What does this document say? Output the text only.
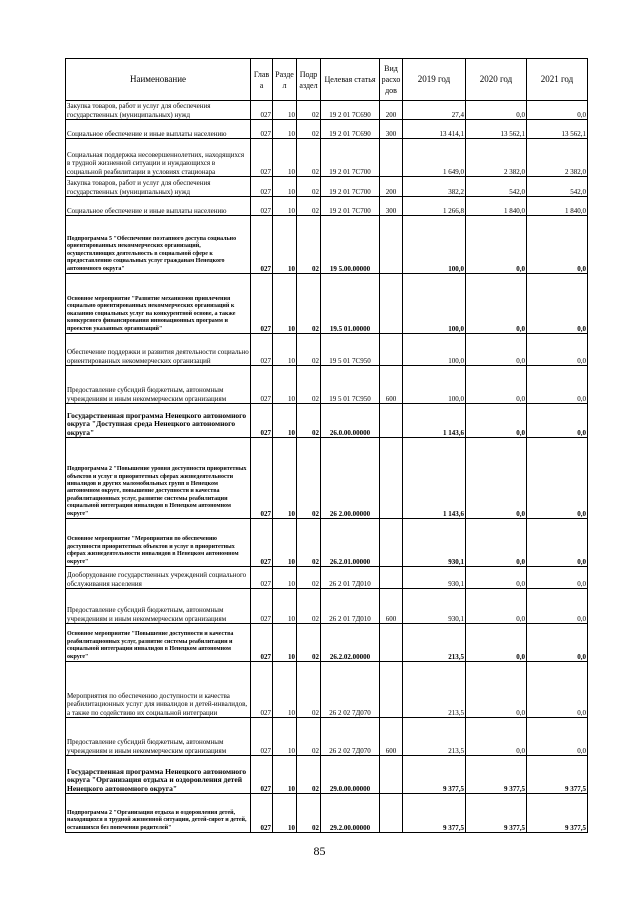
Наименование	Глав а	Разде л	Подр аздел	Целевая статья	Вид расхо дов	2019 год	2020 год	2021 год
Закупка товаров, работ и услуг для обеспечения государственных (муниципальных) нужд	027	10	02	19 2 01 7С690	200	27,4	0,0	0,0
Социальное обеспечение и иные выплаты населению	027	10	02	19 2 01 7С690	300	13 414,1	13 562,1	13 562,1
Социальная поддержка несовершеннолетних, находящихся в трудной жизненной ситуации и нуждающихся в социальной реабилитации в условиях стационара	027	10	02	19 2 01 7С700		1 649,0	2 382,0	2 382,0
Закупка товаров, работ и услуг для обеспечения государственных (муниципальных) нужд	027	10	02	19 2 01 7С700	200	382,2	542,0	542,0
Социальное обеспечение и иные выплаты населению	027	10	02	19 2 01 7С700	300	1 266,8	1 840,0	1 840,0
Подпрограмма 5 "Обеспечение поэтапного доступа социально ориентированных некоммерческих организаций, осуществляющих деятельность в социальной сфере к предоставлению социальных услуг гражданам Ненецкого автономного округа"	027	10	02	19 5.00.00000		100,0	0,0	0,0
Основное мероприятие "Развитие механизмов привлечения социально ориентированных некоммерческих организаций к оказанию социальных услуг на конкурентной основе, а также конкурсного финансирования инновационных программ и проектов указанных организаций"	027	10	02	19.5 01.00000		100,0	0,0	0,0
Обеспечение поддержки и развития деятельности социально ориентированных некоммерческих организаций	027	10	02	19 5 01 7С950		100,0	0,0	0,0
Предоставление субсидий бюджетным, автономным учреждениям и иным некоммерческим организациям	027	10	02	19 5 01 7С950	600	100,0	0,0	0,0
Государственная программа Ненецкого автономного округа "Доступная среда Ненецкого автономного округа"	027	10	02	26.0.00.00000		1 143,6	0,0	0,0
Подпрограмма 2 "Повышение уровня доступности приоритетных объектов и услуг в приоритетных сферах жизнедеятельности инвалидов и других маломобильных групп в Ненецком автономном округе, повышение доступности и качества реабилитационных услуг, развитие системы реабилитации социальной интеграции инвалидов в Ненецком автономном округе"	027	10	02	26 2.00.00000		1 143,6	0,0	0,0
Основное мероприятие "Мероприятия по обеспечению доступности приоритетных объектов и услуг в приоритетных сферах жизнедеятельности инвалидов в Ненецком автономном округе"	027	10	02	26.2.01.00000		930,1	0,0	0,0
Дооборудование государственных учреждений социального обслуживания населения	027	10	02	26 2 01 7Д010		930,1	0,0	0,0
Предоставление субсидий бюджетным, автономным учреждениям и иным некоммерческим организациям	027	10	02	26 2 01 7Д010	600	930,1	0,0	0,0
Основное мероприятие "Повышение доступности и качества реабилитационных услуг, развитие системы реабилитации и социальной интеграции инвалидов в Ненецком автономном округе"	027	10	02	26.2.02.00000		213,5	0,0	0,0
Мероприятия по обеспечению доступности и качества реабилитационных услуг для инвалидов и детей-инвалидов, а также по содействию их социальной интеграции	027	10	02	26 2 02 7Д070		213,5	0,0	0,0
Предоставление субсидий бюджетным, автономным учреждениям и иным некоммерческим организациям	027	10	02	26 2 02 7Д070	600	213,5	0,0	0,0
Государственная программа Ненецкого автономного округа "Организация отдыха и оздоровления детей Ненецкого автономного округа"	027	10	02	29.0.00.00000		9 377,5	9 377,5	9 377,5
Подпрограмма 2 "Организация отдыха и оздоровления детей, находящихся в трудной жизненной ситуации, детей-сирот и детей, оставшихся без попечения родителей"	027	10	02	29.2.00.00000		9 377,5	9 377,5	9 377,5
85
